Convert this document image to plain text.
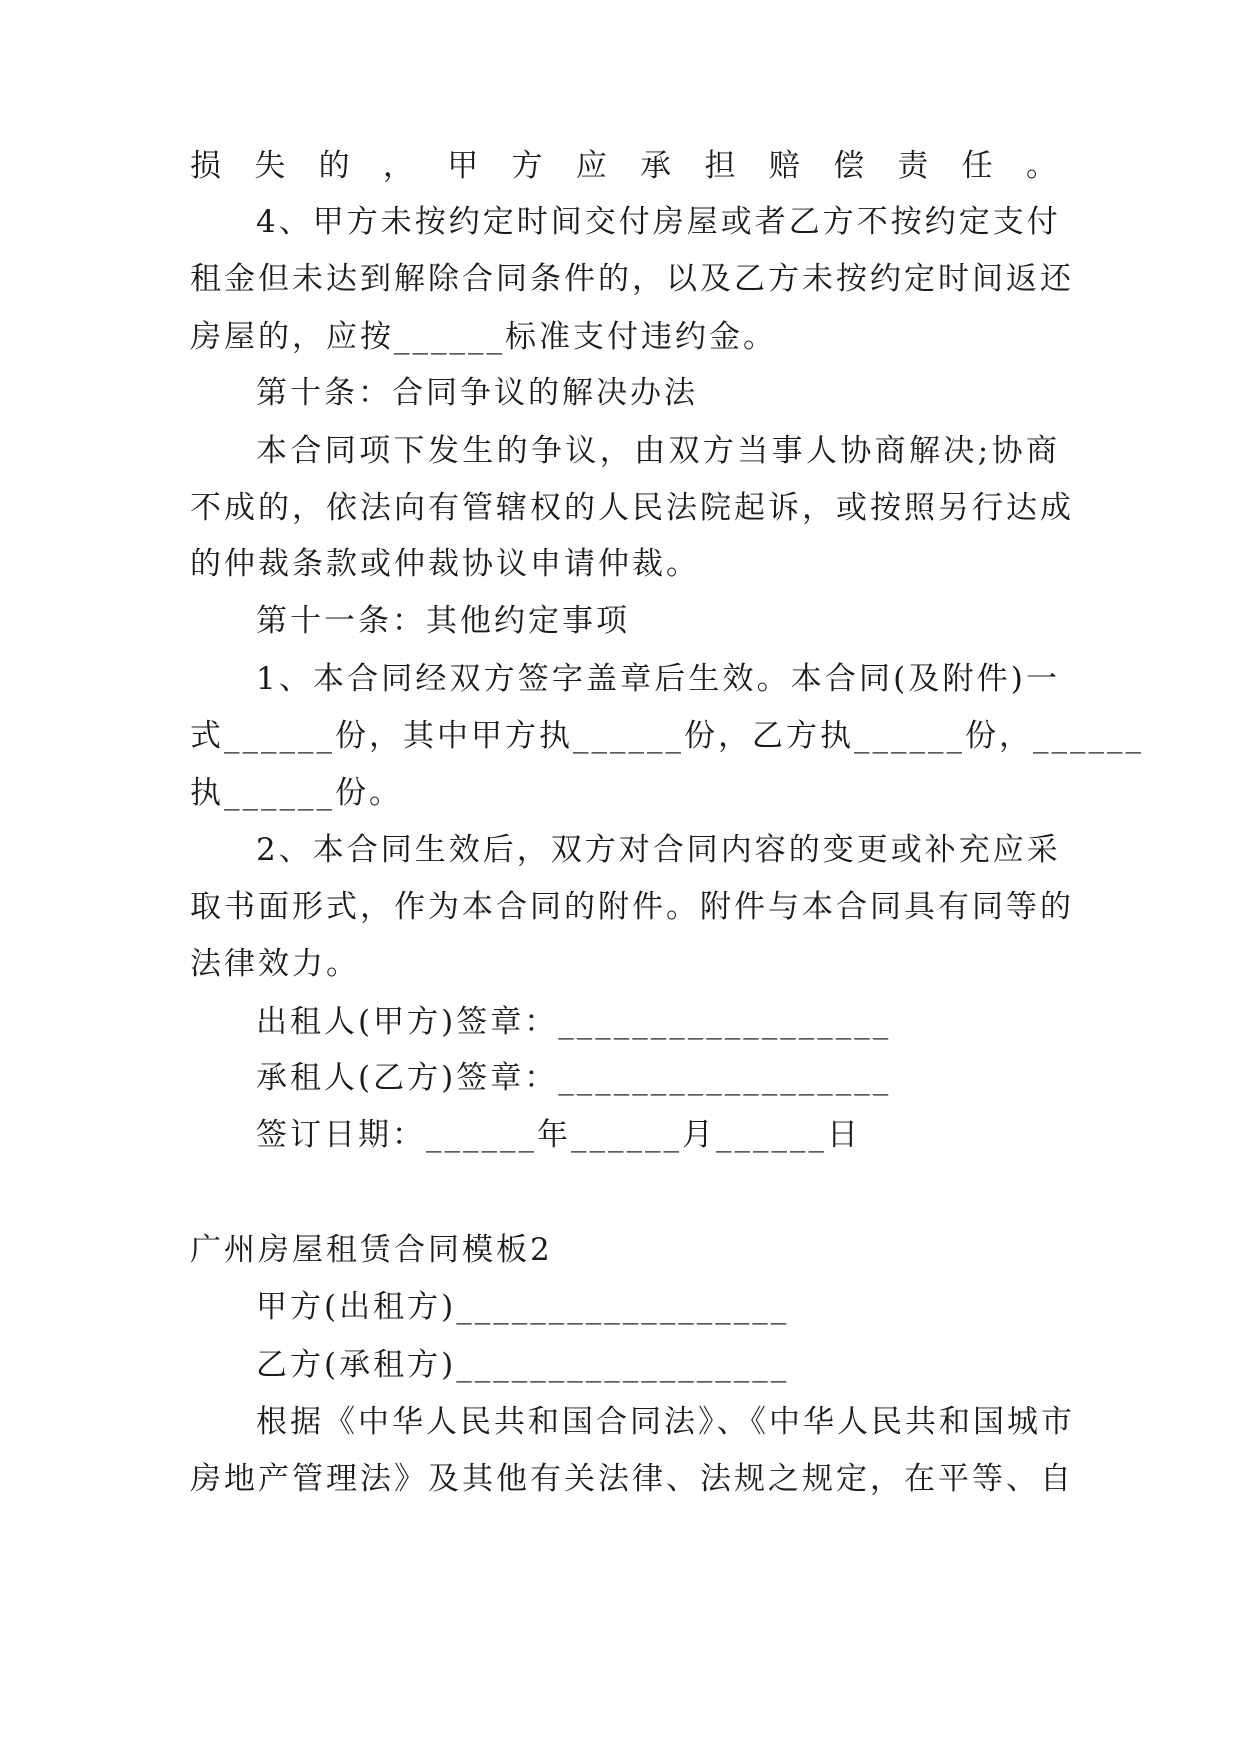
损失的，甲方应承担赔偿责任。
4、甲方未按约定时间交付房屋或者乙方不按约定支付
租金但未达到解除合同条件的，以及乙方未按约定时间返还
房屋的，应按______标准支付违约金。
第十条：合同争议的解决办法
本合同项下发生的争议，由双方当事人协商解决;协商
不成的，依法向有管辖权的人民法院起诉，或按照另行达成
的仲裁条款或仲裁协议申请仲裁。
第十一条：其他约定事项
1、本合同经双方签字盖章后生效。本合同(及附件)一
式______份，其中甲方执______份，乙方执______份，______
执______份。
2、本合同生效后，双方对合同内容的变更或补充应采
取书面形式，作为本合同的附件。附件与本合同具有同等的
法律效力。
出租人(甲方)签章：__________________
承租人(乙方)签章：__________________
签订日期：______年______月______日
广州房屋租赁合同模板2
甲方(出租方)__________________
乙方(承租方)__________________
根据《中华人民共和国合同法》、《中华人民共和国城市
房地产管理法》及其他有关法律、法规之规定，在平等、自
